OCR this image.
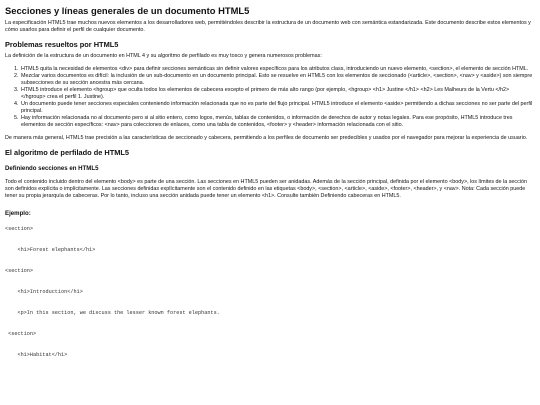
Secciones y líneas generales de un documento HTML5

La especificación HTML5 trae muchos nuevos elementos a los desarrolladores web, permitiéndoles describir la estructura de un documento web con semántica estandarizada. Este documento describe estos elementos y cómo usarlos para definir el perfil de cualquier documento.

Problemas resueltos por HTML5

La definición de la estructura de un documento en HTML 4 y su algoritmo de perfilado es muy tosco y genera numerosos problemas:

1. HTML5 quita la necesidad de elementos <div> para definir secciones semánticas sin definir valores específicos para los atributos class, introduciendo un nuevo elemento, <section>, el elemento de sección HTML.
2. Mezclar varios documentos es difícil: la inclusión de un sub-documento en un documento principal. Esto se resuelve en HTML5 con los elementos de seccionado (<article>, <section>, <nav> y <aside>) son siempre subsecciones de su sección ancestra más cercana.
3. HTML5 introduce el elemento <hgroup> que oculta todos los elementos de cabecera excepto el primero de más alto rango (por ejemplo, <hgroup> <h1> Justine </h1> <h2> Les Malheurs de la Vertu </h2> </hgroup> crea el perfil 1. Justine).
4. Un documento puede tener secciones especiales conteniendo información relacionada que no es parte del flujo principal. HTML5 introduce el elemento <aside> permitiendo a dichas secciones no ser parte del perfil principal.
5. Hay información relacionada no al documento pero si al sitio entero, como logos, menús, tablas de contenidos, o información de derechos de autor y notas legales. Para ese propósito, HTML5 introduce tres elementos de sección específicos: <nav> para colecciones de enlaces, como una tabla de contenidos, <footer> y <header> información relacionada con el sitio.

De manera más general, HTML5 trae precisión a las características de seccionado y cabecera, permitiendo a los perfiles de documento ser predecibles y usados por el navegador para mejorar la experiencia de usuario.

El algoritmo de perfilado de HTML5
Definiendo secciones en HTML5

Todo el contenido incluido dentro del elemento <body> es parte de una sección. Las secciones en HTML5 pueden ser anidadas. Además de la sección principal, definida por el elemento <body>, los límites de la sección son definidos explícita o implícitamente. Las secciones definidas explícitamente son el contenido definido en las etiquetas <body>, <section>, <article>, <aside>, <footer>, <header>, y <nav>. Nota: Cada sección puede tener su propia jerarquía de cabeceras. Por lo tanto, incluso una sección anidada puede tener un elemento <h1>. Consulte también Definiendo cabeceras en HTML5.

Ejemplo:
<section>
<h1>Forest elephants</h1>
<section>
<h1>Introduction</h1>
<p>In this section, we discuss the lesser known forest elephants.
<section>
<h1>Habitat</h1>
